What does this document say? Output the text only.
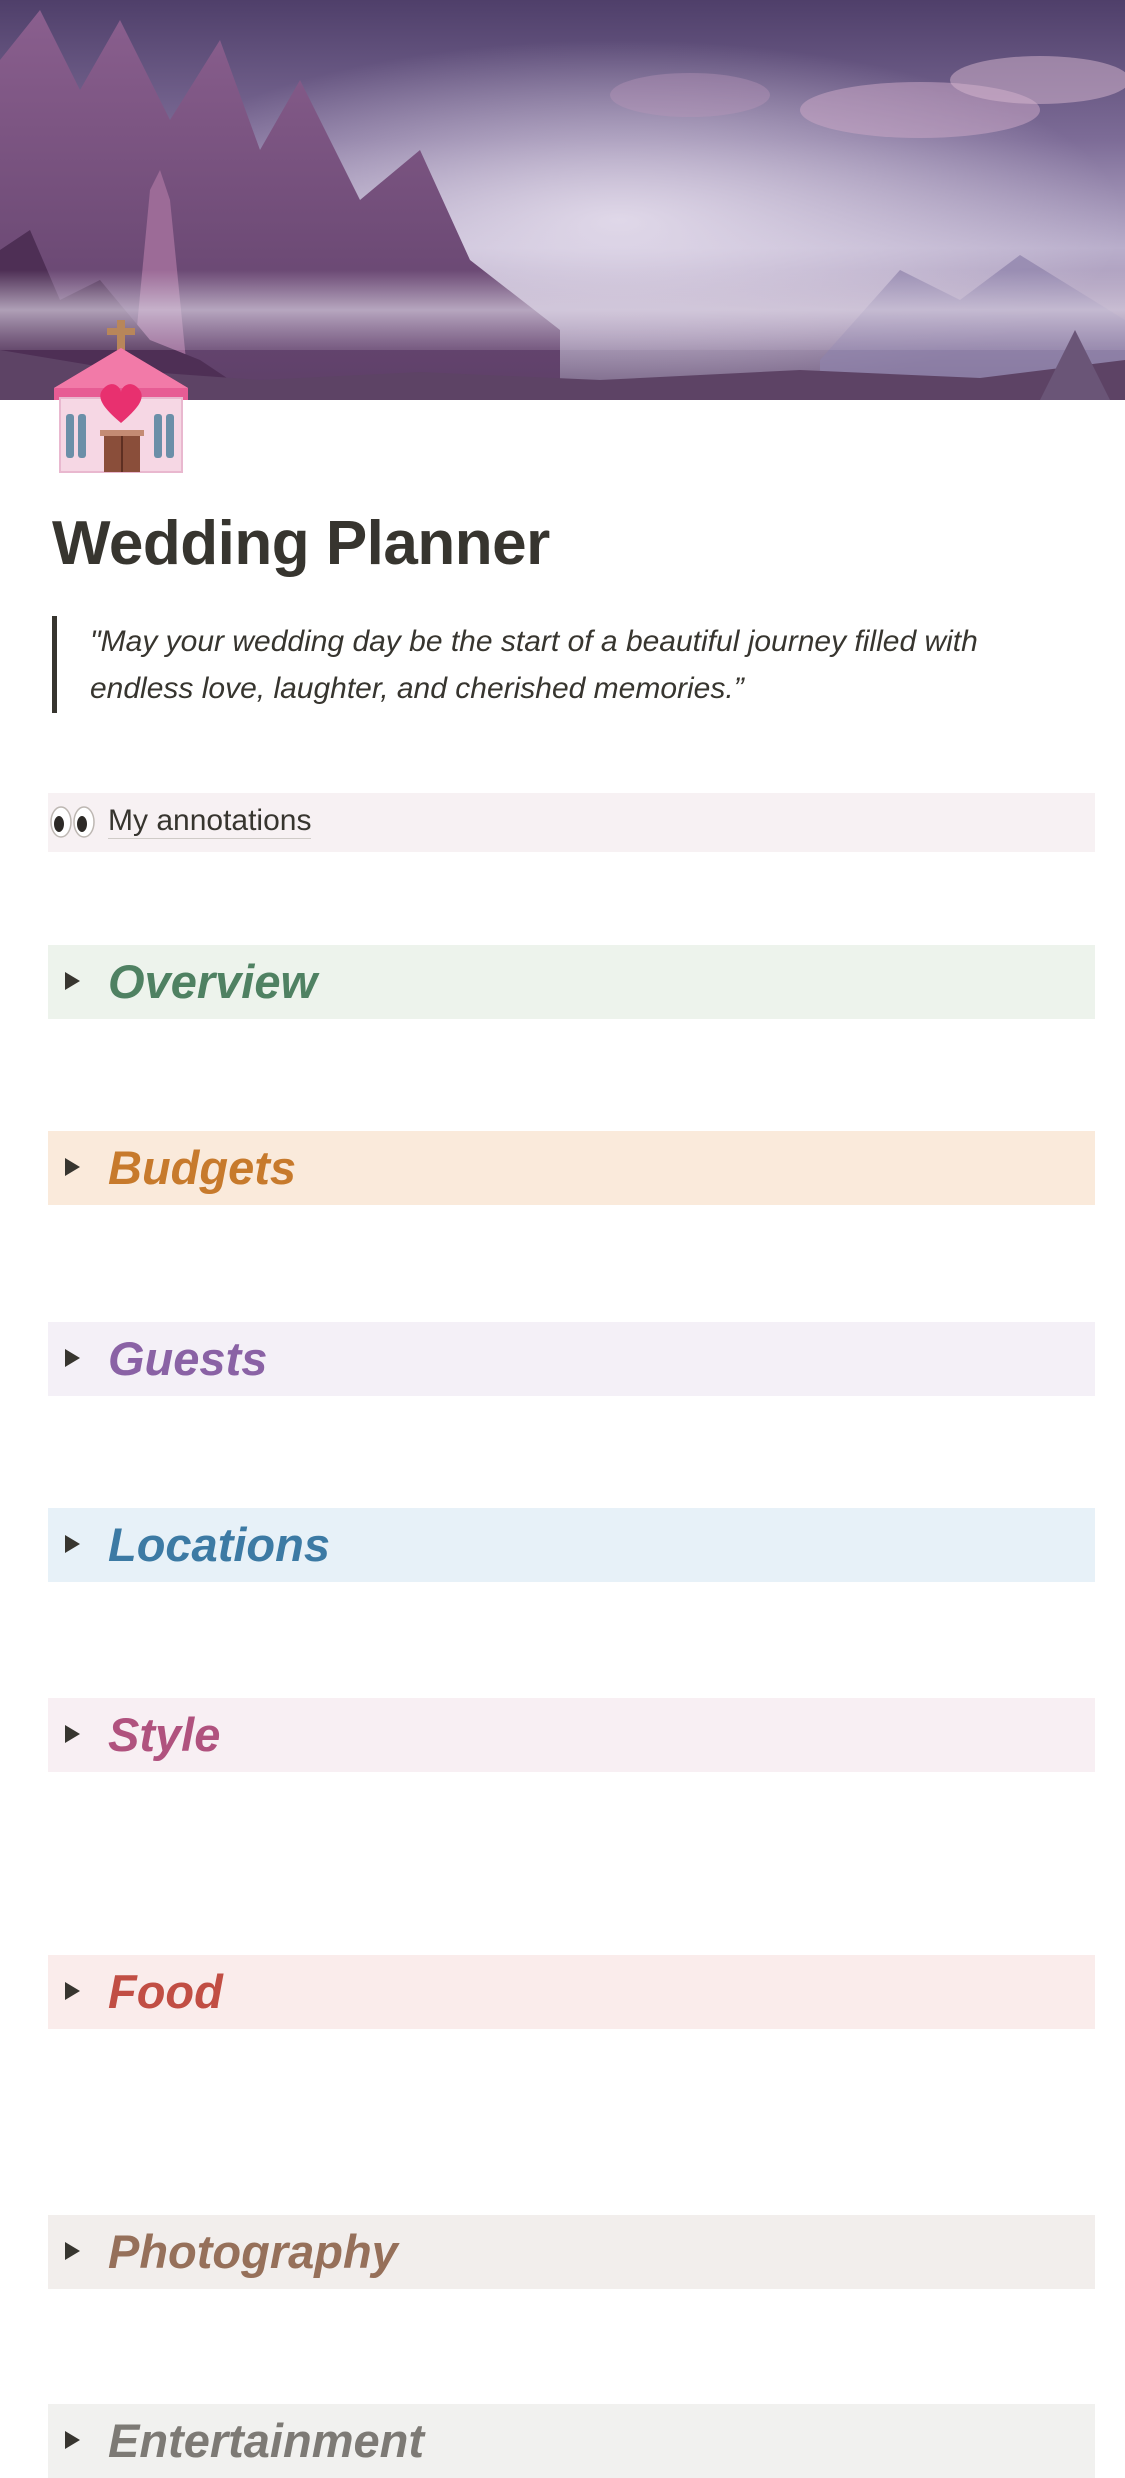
Wedding Planner
"May your wedding day be the start of a beautiful journey filled with endless love, laughter, and cherished memories.”
My annotations
Overview
Budgets
Guests
Locations
Style
Food
Photography
Entertainment
